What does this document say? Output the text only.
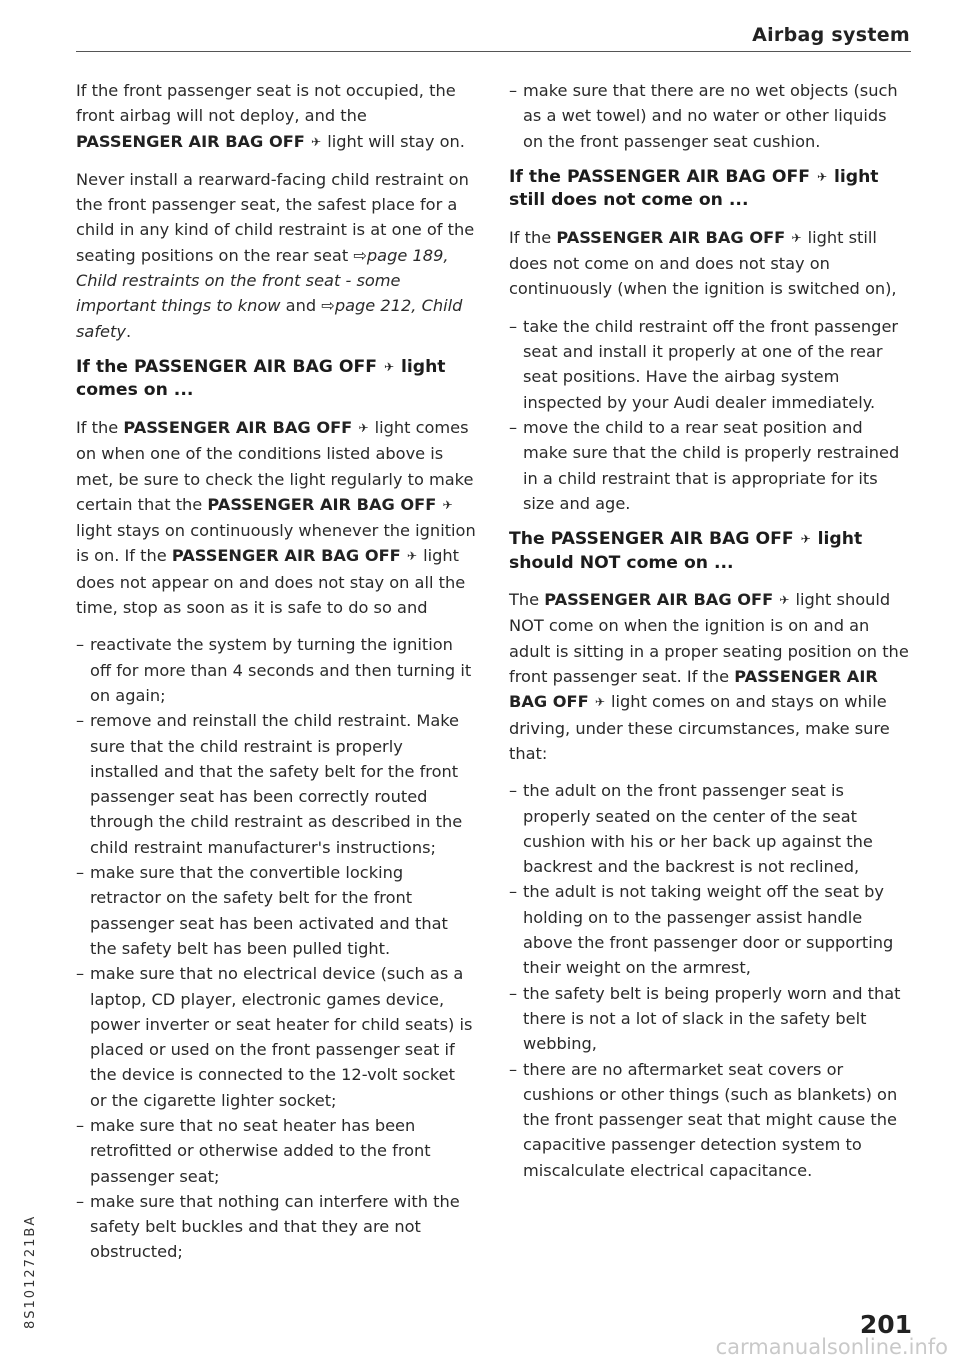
Airbag system

If the front passenger seat is not occupied, the front airbag will not deploy, and the PASSENGER AIR BAG OFF ✈ light will stay on.

Never install a rearward-facing child restraint on the front passenger seat, the safest place for a child in any kind of child restraint is at one of the seating positions on the rear seat ⇨page 189, Child restraints on the front seat - some important things to know and ⇨page 212, Child safety.

If the PASSENGER AIR BAG OFF ✈ light comes on ...

If the PASSENGER AIR BAG OFF ✈ light comes on when one of the conditions listed above is met, be sure to check the light regularly to make certain that the PASSENGER AIR BAG OFF ✈ light stays on continuously whenever the ignition is on. If the PASSENGER AIR BAG OFF ✈ light does not appear on and does not stay on all the time, stop as soon as it is safe to do so and

– reactivate the system by turning the ignition off for more than 4 seconds and then turning it on again;
– remove and reinstall the child restraint. Make sure that the child restraint is properly installed and that the safety belt for the front passenger seat has been correctly routed through the child restraint as described in the child restraint manufacturer's instructions;
– make sure that the convertible locking retractor on the safety belt for the front passenger seat has been activated and that the safety belt has been pulled tight.
– make sure that no electrical device (such as a laptop, CD player, electronic games device, power inverter or seat heater for child seats) is placed or used on the front passenger seat if the device is connected to the 12-volt socket or the cigarette lighter socket;
– make sure that no seat heater has been retrofitted or otherwise added to the front passenger seat;
– make sure that nothing can interfere with the safety belt buckles and that they are not obstructed;
– make sure that there are no wet objects (such as a wet towel) and no water or other liquids on the front passenger seat cushion.
If the PASSENGER AIR BAG OFF ✈ light still does not come on ...

If the PASSENGER AIR BAG OFF ✈ light still does not come on and does not stay on continuously (when the ignition is switched on),

– take the child restraint off the front passenger seat and install it properly at one of the rear seat positions. Have the airbag system inspected by your Audi dealer immediately.
– move the child to a rear seat position and make sure that the child is properly restrained in a child restraint that is appropriate for its size and age.
The PASSENGER AIR BAG OFF ✈ light should NOT come on ...

The PASSENGER AIR BAG OFF ✈ light should NOT come on when the ignition is on and an adult is sitting in a proper seating position on the front passenger seat. If the PASSENGER AIR BAG OFF ✈ light comes on and stays on while driving, under these circumstances, make sure that:

– the adult on the front passenger seat is properly seated on the center of the seat cushion with his or her back up against the backrest and the backrest is not reclined,
– the adult is not taking weight off the seat by holding on to the passenger assist handle above the front passenger door or supporting their weight on the armrest,
– the safety belt is being properly worn and that there is not a lot of slack in the safety belt webbing,
– there are no aftermarket seat covers or cushions or other things (such as blankets) on the front passenger seat that might cause the capacitive passenger detection system to miscalculate electrical capacitance.
8S1012721BA	201
carmanualsonline.info
